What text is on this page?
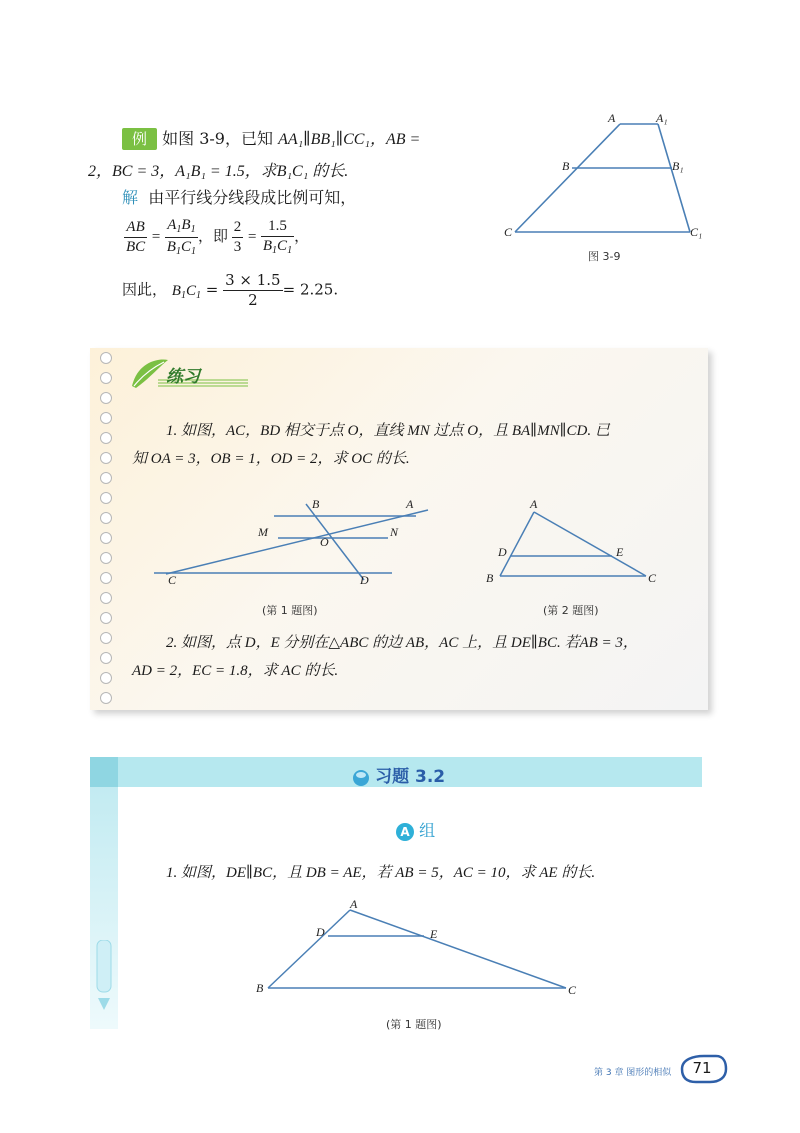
例 如图 3-9，已知 AA₁∥BB₁∥CC₁，AB =
2，BC = 3，A₁B₁ = 1.5，求B₁C₁ 的长.
解 由平行线分线段成比例可知，
$\frac{AB}{BC} = \frac{A_1B_1}{B_1C_1}$ ，即 $\frac{2}{3} = \frac{1.5}{B_1C_1}$ ，
因此， $B_1C_1 = \frac{3 \times 1.5}{2} = 2.25$.
A	A₁
B	B₁
C	C₁
图 3-9
练习
1. 如图，AC，BD 相交于点 O，直线 MN 过点 O，且 BA∥MN∥CD. 已
知 OA = 3，OB = 1，OD = 2，求 OC 的长.
B	A
M
O
N
C	D
(第 1 题图)
A
D	E
B	C
(第 2 题图)
2. 如图，点 D，E 分别在△ABC 的边 AB，AC 上，且 DE∥BC. 若AB = 3，
AD = 2，EC = 1.8，求 AC 的长.
习题 3.2
A 组
1. 如图，DE∥BC，且 DB = AE，若 AB = 5，AC = 10，求 AE 的长.
A
D	E
B	C
(第 1 题图)
第 3 章 图形的相似	71
